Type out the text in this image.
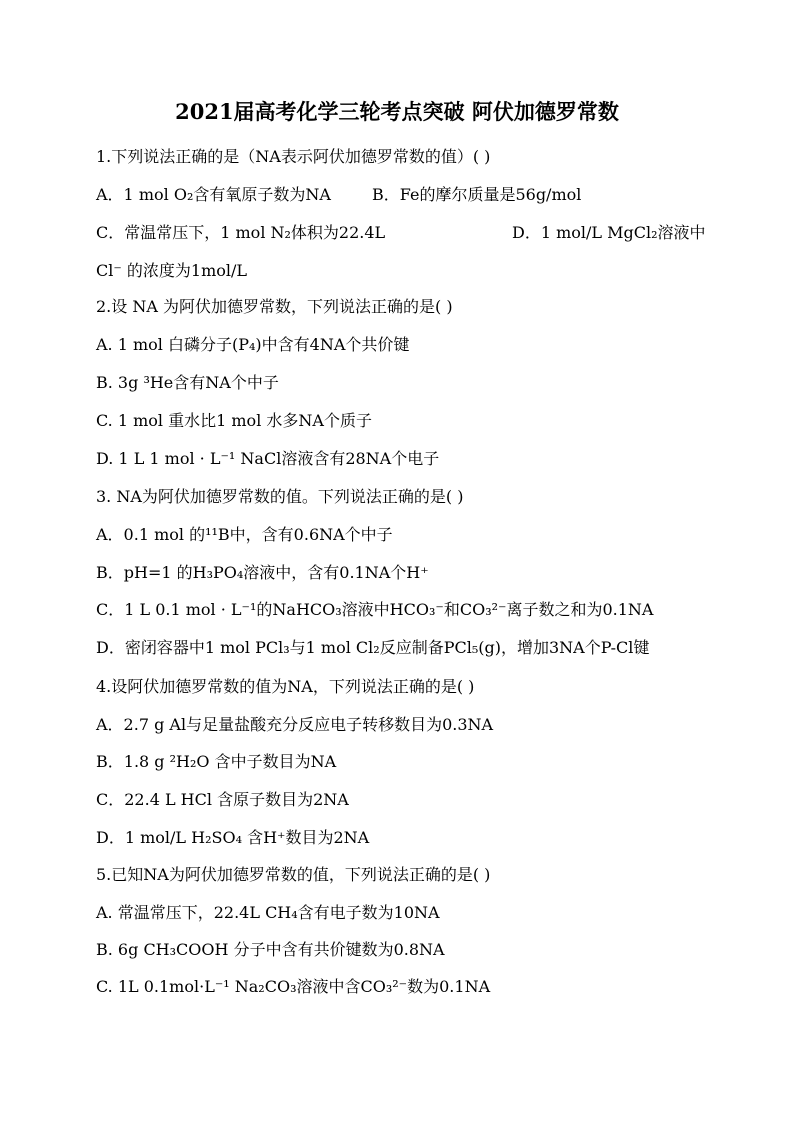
2021届高考化学三轮考点突破 阿伏加德罗常数
1.下列说法正确的是（NA表示阿伏加德罗常数的值）( )
A．1 mol O₂含有氧原子数为NA	B．Fe的摩尔质量是56g/mol
C．常温常压下，1 mol N₂体积为22.4L	D．1 mol/L MgCl₂溶液中
Cl⁻ 的浓度为1mol/L
2.设 NA 为阿伏加德罗常数，下列说法正确的是( )
A. 1 mol 白磷分子(P₄)中含有4NA个共价键
B. 3g ³He含有NA个中子
C. 1 mol 重水比1 mol 水多NA个质子
D. 1 L 1 mol · L⁻¹ NaCl溶液含有28NA个电子
3. NA为阿伏加德罗常数的值。下列说法正确的是( )
A．0.1 mol 的¹¹B中，含有0.6NA个中子
B．pH=1 的H₃PO₄溶液中，含有0.1NA个H⁺
C．1 L 0.1 mol · L⁻¹的NaHCO₃溶液中HCO₃⁻和CO₃²⁻离子数之和为0.1NA
D．密闭容器中1 mol PCl₃与1 mol Cl₂反应制备PCl₅(g)，增加3NA个P-Cl键
4.设阿伏加德罗常数的值为NA，下列说法正确的是( )
A．2.7 g Al与足量盐酸充分反应电子转移数目为0.3NA
B．1.8 g ²H₂O 含中子数目为NA
C．22.4 L HCl 含原子数目为2NA
D．1 mol/L H₂SO₄ 含H⁺数目为2NA
5.已知NA为阿伏加德罗常数的值，下列说法正确的是( )
A. 常温常压下，22.4L CH₄含有电子数为10NA
B. 6g CH₃COOH 分子中含有共价键数为0.8NA
C. 1L 0.1mol·L⁻¹ Na₂CO₃溶液中含CO₃²⁻数为0.1NA
